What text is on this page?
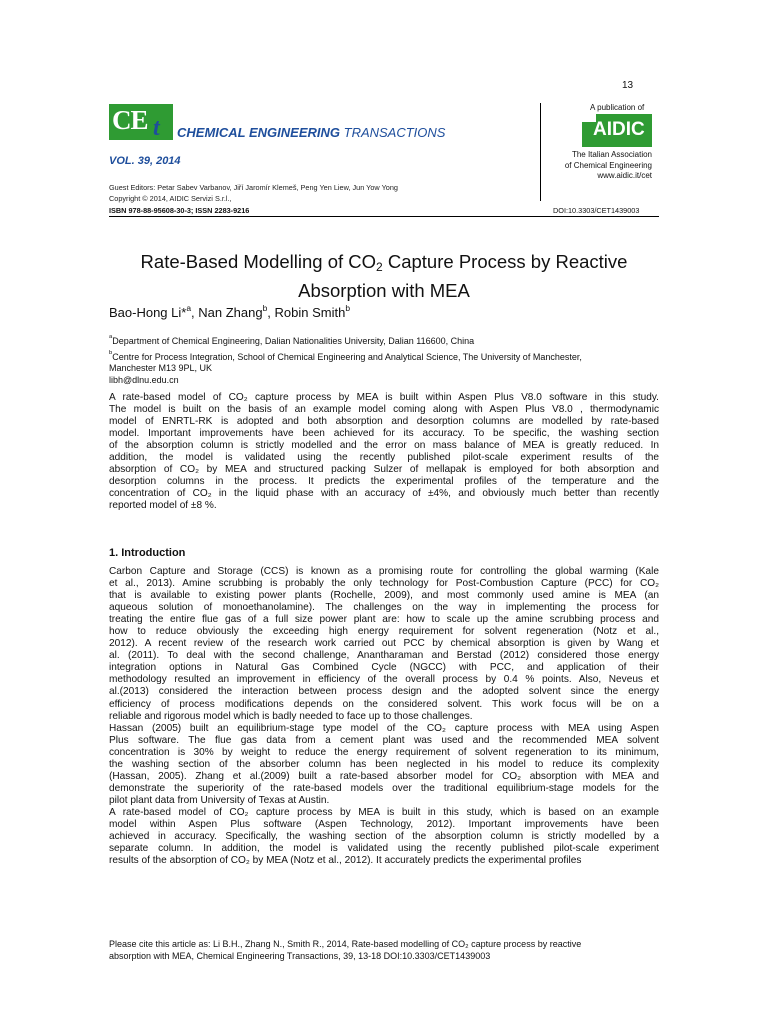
13
CE t CHEMICAL ENGINEERING TRANSACTIONS
VOL. 39, 2014
Guest Editors: Petar Sabev Varbanov, Jiří Jaromír Klemeš, Peng Yen Liew, Jun Yow Yong
Copyright © 2014, AIDIC Servizi S.r.l.,
ISBN 978-88-95608-30-3; ISSN 2283-9216	DOI:10.3303/CET1439003
A publication of
AIDIC
The Italian Association
of Chemical Engineering
www.aidic.it/cet
Rate-Based Modelling of $CO_2$ Capture Process by Reactive
Absorption with MEA
Bao-Hong Li*$^a$, Nan Zhang$^b$, Robin Smith$^b$
$^a$Department of Chemical Engineering, Dalian Nationalities University, Dalian 116600, China
$^b$Centre for Process Integration, School of Chemical Engineering and Analytical Science, The University of Manchester,
Manchester M13 9PL, UK
libh@dlnu.edu.cn
A rate-based model of CO₂ capture process by MEA is built within Aspen Plus V8.0 software in this study.
The model is built on the basis of an example model coming along with Aspen Plus V8.0 , thermodynamic
model of ENRTL-RK is adopted and both absorption and desorption columns are modelled by rate-based
model. Important improvements have been achieved for its accuracy. To be specific, the washing section
of the absorption column is strictly modelled and the error on mass balance of MEA is greatly reduced. In
addition, the model is validated using the recently published pilot-scale experiment results of the
absorption of CO₂ by MEA and structured packing Sulzer of mellapak is employed for both absorption and
desorption columns in the process. It predicts the experimental profiles of the temperature and the
concentration of CO₂ in the liquid phase with an accuracy of ±4%, and obviously much better than recently
reported model of ±8 %.
1. Introduction
Carbon Capture and Storage (CCS) is known as a promising route for controlling the global warming (Kale
et al., 2013). Amine scrubbing is probably the only technology for Post-Combustion Capture (PCC) for CO₂
that is available to existing power plants (Rochelle, 2009), and most commonly used amine is MEA (an
aqueous solution of monoethanolamine). The challenges on the way in implementing the process for
treating the entire flue gas of a full size power plant are: how to scale up the amine scrubbing process and
how to reduce obviously the exceeding high energy requirement for solvent regeneration (Notz et al.,
2012). A recent review of the research work carried out PCC by chemical absorption is given by Wang et
al. (2011). To deal with the second challenge, Anantharaman and Berstad (2012) considered those energy
integration options in Natural Gas Combined Cycle (NGCC) with PCC, and application of their
methodology resulted an improvement in efficiency of the overall process by 0.4 % points. Also, Neveus et
al.(2013) considered the interaction between process design and the adopted solvent since the energy
efficiency of process modifications depends on the considered solvent. This work focus will be on a
reliable and rigorous model which is badly needed to face up to those challenges.
Hassan (2005) built an equilibrium-stage type model of the CO₂ capture process with MEA using Aspen
Plus software. The flue gas data from a cement plant was used and the recommended MEA solvent
concentration is 30% by weight to reduce the energy requirement of solvent regeneration to its minimum,
the washing section of the absorber column has been neglected in his model to reduce its complexity
(Hassan, 2005). Zhang et al.(2009) built a rate-based absorber model for CO₂ absorption with MEA and
demonstrate the superiority of the rate-based models over the traditional equilibrium-stage models for the
pilot plant data from University of Texas at Austin.
A rate-based model of CO₂ capture process by MEA is built in this study, which is based on an example
model within Aspen Plus software (Aspen Technology, 2012). Important improvements have been
achieved in accuracy. Specifically, the washing section of the absorption column is strictly modelled by a
separate column. In addition, the model is validated using the recently published pilot-scale experiment
results of the absorption of CO₂ by MEA (Notz et al., 2012). It accurately predicts the experimental profiles
Please cite this article as: Li B.H., Zhang N., Smith R., 2014, Rate-based modelling of CO₂ capture process by reactive
absorption with MEA, Chemical Engineering Transactions, 39, 13-18 DOI:10.3303/CET1439003
